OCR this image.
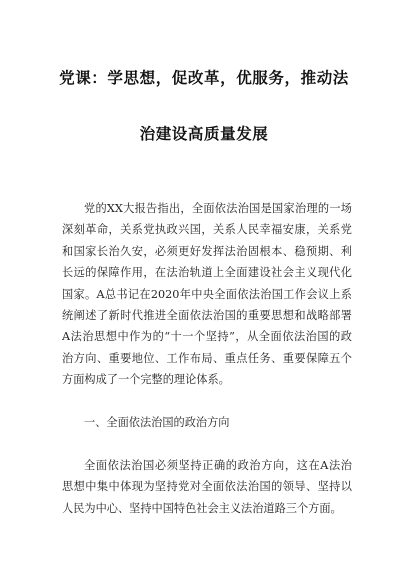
党课：学思想，促改革，优服务，推动法
治建设高质量发展
党的XX大报告指出，全面依法治国是国家治理的一场
深刻革命，关系党执政兴国，关系人民幸福安康，关系党
和国家长治久安，必须更好发挥法治固根本、稳预期、利
长远的保障作用，在法治轨道上全面建设社会主义现代化
国家。A总书记在2020年中央全面依法治国工作会议上系
统阐述了新时代推进全面依法治国的重要思想和战略部署
A法治思想中作为的“十一个坚持”，从全面依法治国的政
治方向、重要地位、工作布局、重点任务、重要保障五个
方面构成了一个完整的理论体系。
一、全面依法治国的政治方向
全面依法治国必须坚持正确的政治方向，这在A法治
思想中集中体现为坚持党对全面依法治国的领导、坚持以
人民为中心、坚持中国特色社会主义法治道路三个方面。
